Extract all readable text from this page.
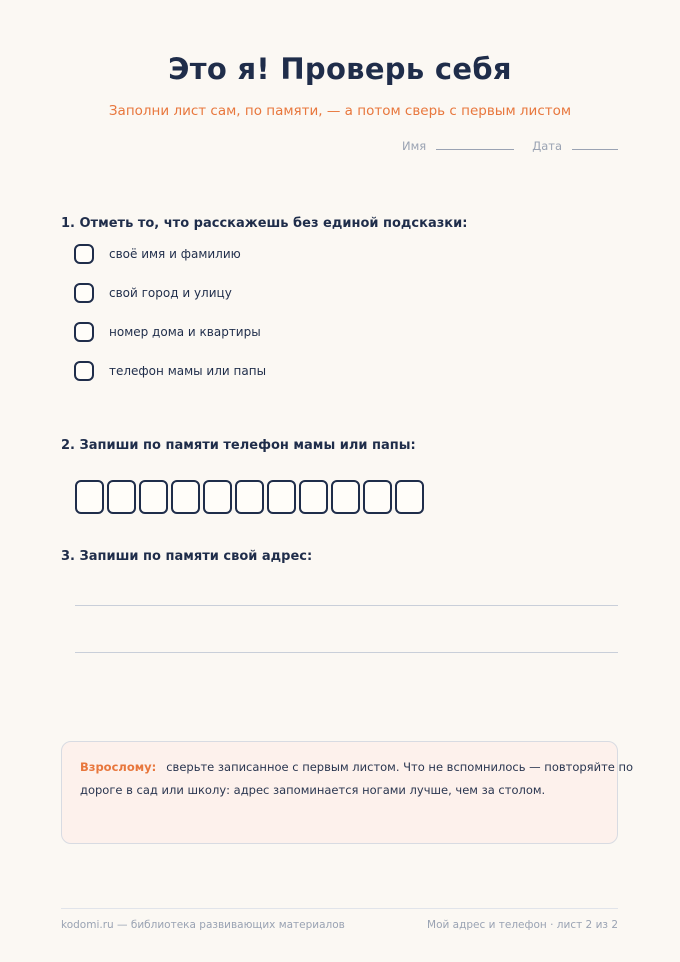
Это я! Проверь себя
Заполни лист сам, по памяти, — а потом сверь с первым листом
Имя	Дата
1. Отметь то, что расскажешь без единой подсказки:
своё имя и фамилию
свой город и улицу
номер дома и квартиры
телефон мамы или папы
2. Запиши по памяти телефон мамы или папы:
3. Запиши по памяти свой адрес:
Взрослому: сверьте записанное с первым листом. Что не вспомнилось — повторяйте по дороге в сад или школу: адрес запоминается ногами лучше, чем за столом.
kodomi.ru — библиотека развивающих материалов	Мой адрес и телефон · лист 2 из 2
